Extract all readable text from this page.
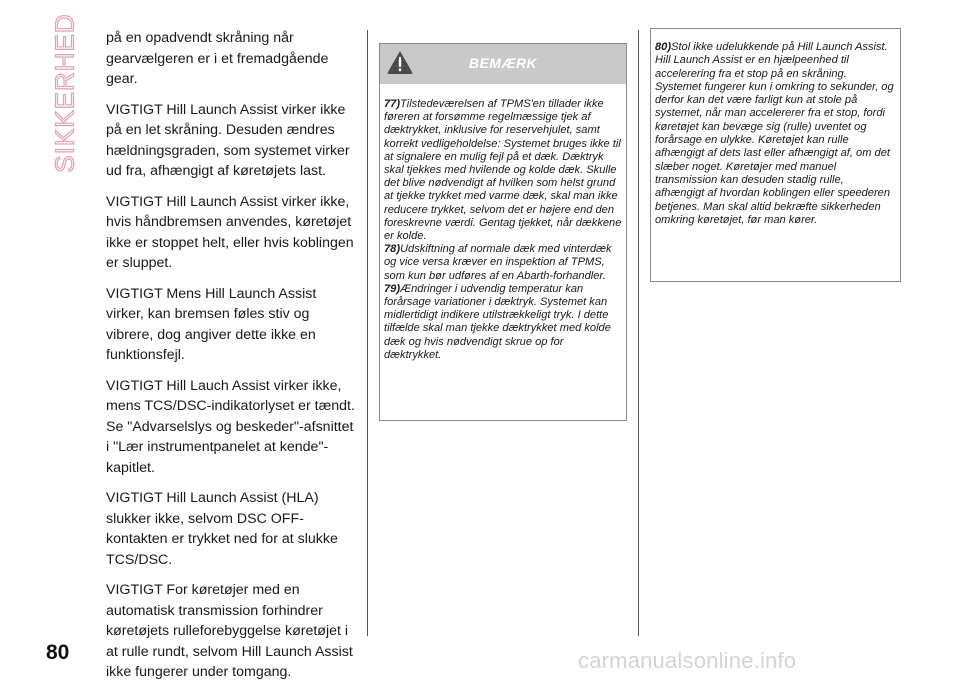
SIKKERHED på en opadvendt skråning når gearvælgeren er i et fremadgående gear.

VIGTIGT Hill Launch Assist virker ikke på en let skråning. Desuden ændres hældningsgraden, som systemet virker ud fra, afhængigt af køretøjets last.

VIGTIGT Hill Launch Assist virker ikke, hvis håndbremsen anvendes, køretøjet ikke er stoppet helt, eller hvis koblingen er sluppet.

VIGTIGT Mens Hill Launch Assist virker, kan bremsen føles stiv og vibrere, dog angiver dette ikke en funktionsfejl.

VIGTIGT Hill Lauch Assist virker ikke, mens TCS/DSC-indikatorlyset er tændt. Se "Advarselslys og beskeder"-afsnittet i "Lær instrumentpanelet at kende"-kapitlet.

VIGTIGT Hill Launch Assist (HLA) slukker ikke, selvom DSC OFF-kontakten er trykket ned for at slukke TCS/DSC.

VIGTIGT For køretøjer med en automatisk transmission forhindrer køretøjets rulleforebyggelse køretøjet i at rulle rundt, selvom Hill Launch Assist ikke fungerer under tomgang.

BEMÆRK

77)Tilstedeværelsen af TPMS'en tillader ikke føreren at forsømme regelmæssige tjek af dæktrykket, inklusive for reservehjulet, samt korrekt vedligeholdelse: Systemet bruges ikke til at signalere en mulig fejl på et dæk. Dæktryk skal tjekkes med hvilende og kolde dæk. Skulle det blive nødvendigt af hvilken som helst grund at tjekke trykket med varme dæk, skal man ikke reducere trykket, selvom det er højere end den foreskrevne værdi. Gentag tjekket, når dækkene er kolde.

78)Udskiftning af normale dæk med vinterdæk og vice versa kræver en inspektion af TPMS, som kun bør udføres af en Abarth-forhandler.

79)Ændringer i udvendig temperatur kan forårsage variationer i dæktryk. Systemet kan midlertidigt indikere utilstrækkeligt tryk. I dette tilfælde skal man tjekke dæktrykket med kolde dæk og hvis nødvendigt skrue op for dæktrykket.

80)Stol ikke udelukkende på Hill Launch Assist. Hill Launch Assist er en hjælpeenhed til accelerering fra et stop på en skråning. Systemet fungerer kun i omkring to sekunder, og derfor kan det være farligt kun at stole på systemet, når man accelererer fra et stop, fordi køretøjet kan bevæge sig (rulle) uventet og forårsage en ulykke. Køretøjet kan rulle afhængigt af dets last eller afhængigt af, om det slæber noget. Køretøjer med manuel transmission kan desuden stadig rulle, afhængigt af hvordan koblingen eller speederen betjenes. Man skal altid bekræfte sikkerheden omkring køretøjet, før man kører.

80	carmanualsonline.info
